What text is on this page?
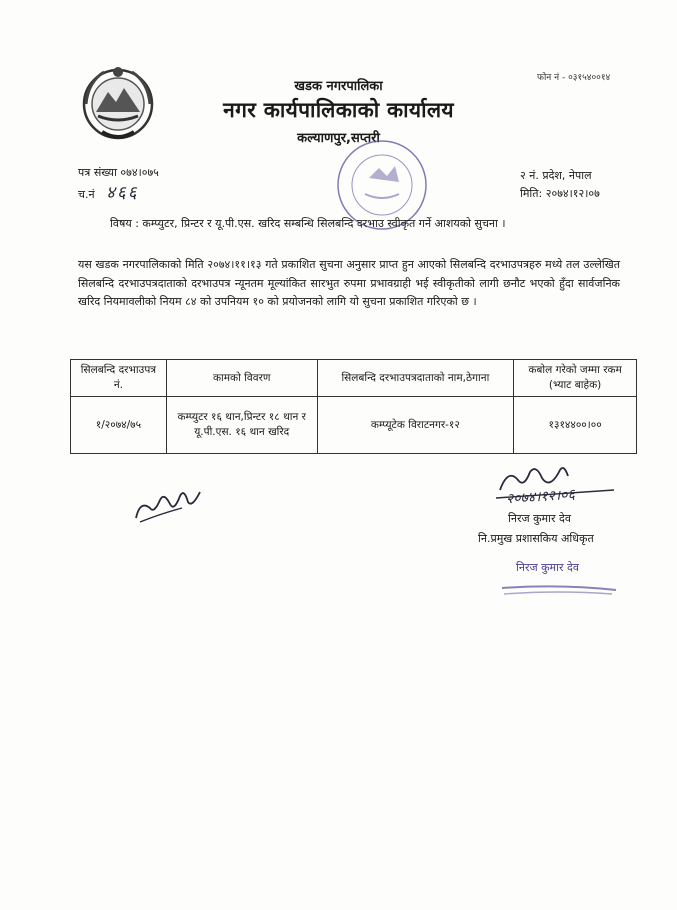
फोन नं - ०३१५४००१४
खडक नगरपालिका
नगर कार्यपालिकाको कार्यालय
कल्याणपुर,सप्तरी
पत्र संख्या ०७४।०७५
च.नं ४६६
२ नं. प्रदेश, नेपाल
मिति: २०७४।१२।०७
विषय : कम्प्युटर, प्रिन्टर र यू.पी.एस. खरिद सम्बन्धि सिलबन्दि दरभाउ स्वीकृत गर्ने आशयको सुचना ।
यस खडक नगरपालिकाको मिति २०७४।११।१३ गते प्रकाशित सुचना अनुसार प्राप्त हुन आएको सिलबन्दि दरभाउपत्रहरु मध्ये तल उल्लेखित सिलबन्दि दरभाउपत्रदाताको दरभाउपत्र न्यूनतम मूल्यांकित सारभुत रुपमा प्रभावग्राही भई स्वीकृतीको लागी छनौट भएको हुँदा सार्वजनिक खरिद नियमावलीको नियम ८४ को उपनियम १० को प्रयोजनको लागि यो सुचना प्रकाशित गरिएको छ ।
सिलबन्दि दरभाउपत्र नं.	कामको विवरण	सिलबन्दि दरभाउपत्रदाताको नाम,ठेगाना	कबोल गरेको जम्मा रकम (भ्याट बाहेक)
१/२०७४/७५	कम्प्युटर १६ थान,प्रिन्टर १८ थान र यू.पी.एस. १६ थान खरिद	कम्प्यूटेक विराटनगर-१२	१३१४४००।००
२०७४।१२।०६
निरज कुमार देव
नि.प्रमुख प्रशासकिय अधिकृत
निरज कुमार देव
